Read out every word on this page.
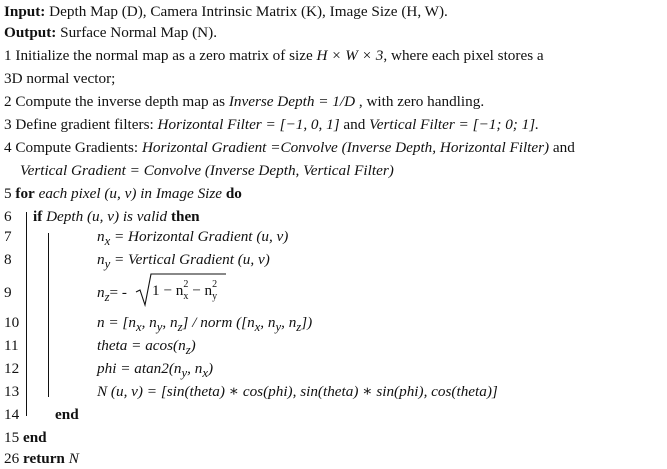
Input: Depth Map (D), Camera Intrinsic Matrix (K), Image Size (H, W).
Output: Surface Normal Map (N).
1 Initialize the normal map as a zero matrix of size H × W × 3, where each pixel stores a
3D normal vector;
2 Compute the inverse depth map as Inverse Depth = 1/D , with zero handling.
3 Define gradient filters: Horizontal Filter = [−1, 0, 1] and Vertical Filter = [−1; 0; 1].
4 Compute Gradients: Horizontal Gradient =Convolve (Inverse Depth, Horizontal Filter) and
Vertical Gradient = Convolve (Inverse Depth, Vertical Filter)
5 for each pixel (u, v) in Image Size do
6 if Depth (u, v) is valid then
7	$n_x$ = Horizontal Gradient (u, v)
8	$n_y$ = Vertical Gradient (u, v)
9	$n_z= - 1 - n$ 2
$_x$ − n 2
$_y$
10	$n = [n_x$, $n_y$, $n_z$] / norm ([$n_x$, $n_y$, $n_z$])
11	theta = $acos(n_z)$
12	phi = $atan2(n_y$, $n_x$)
13	N (u, v) = [sin(theta) ∗ cos(phi), sin(theta) ∗ sin(phi), cos(theta)]
14 end
15 end
26 return N
